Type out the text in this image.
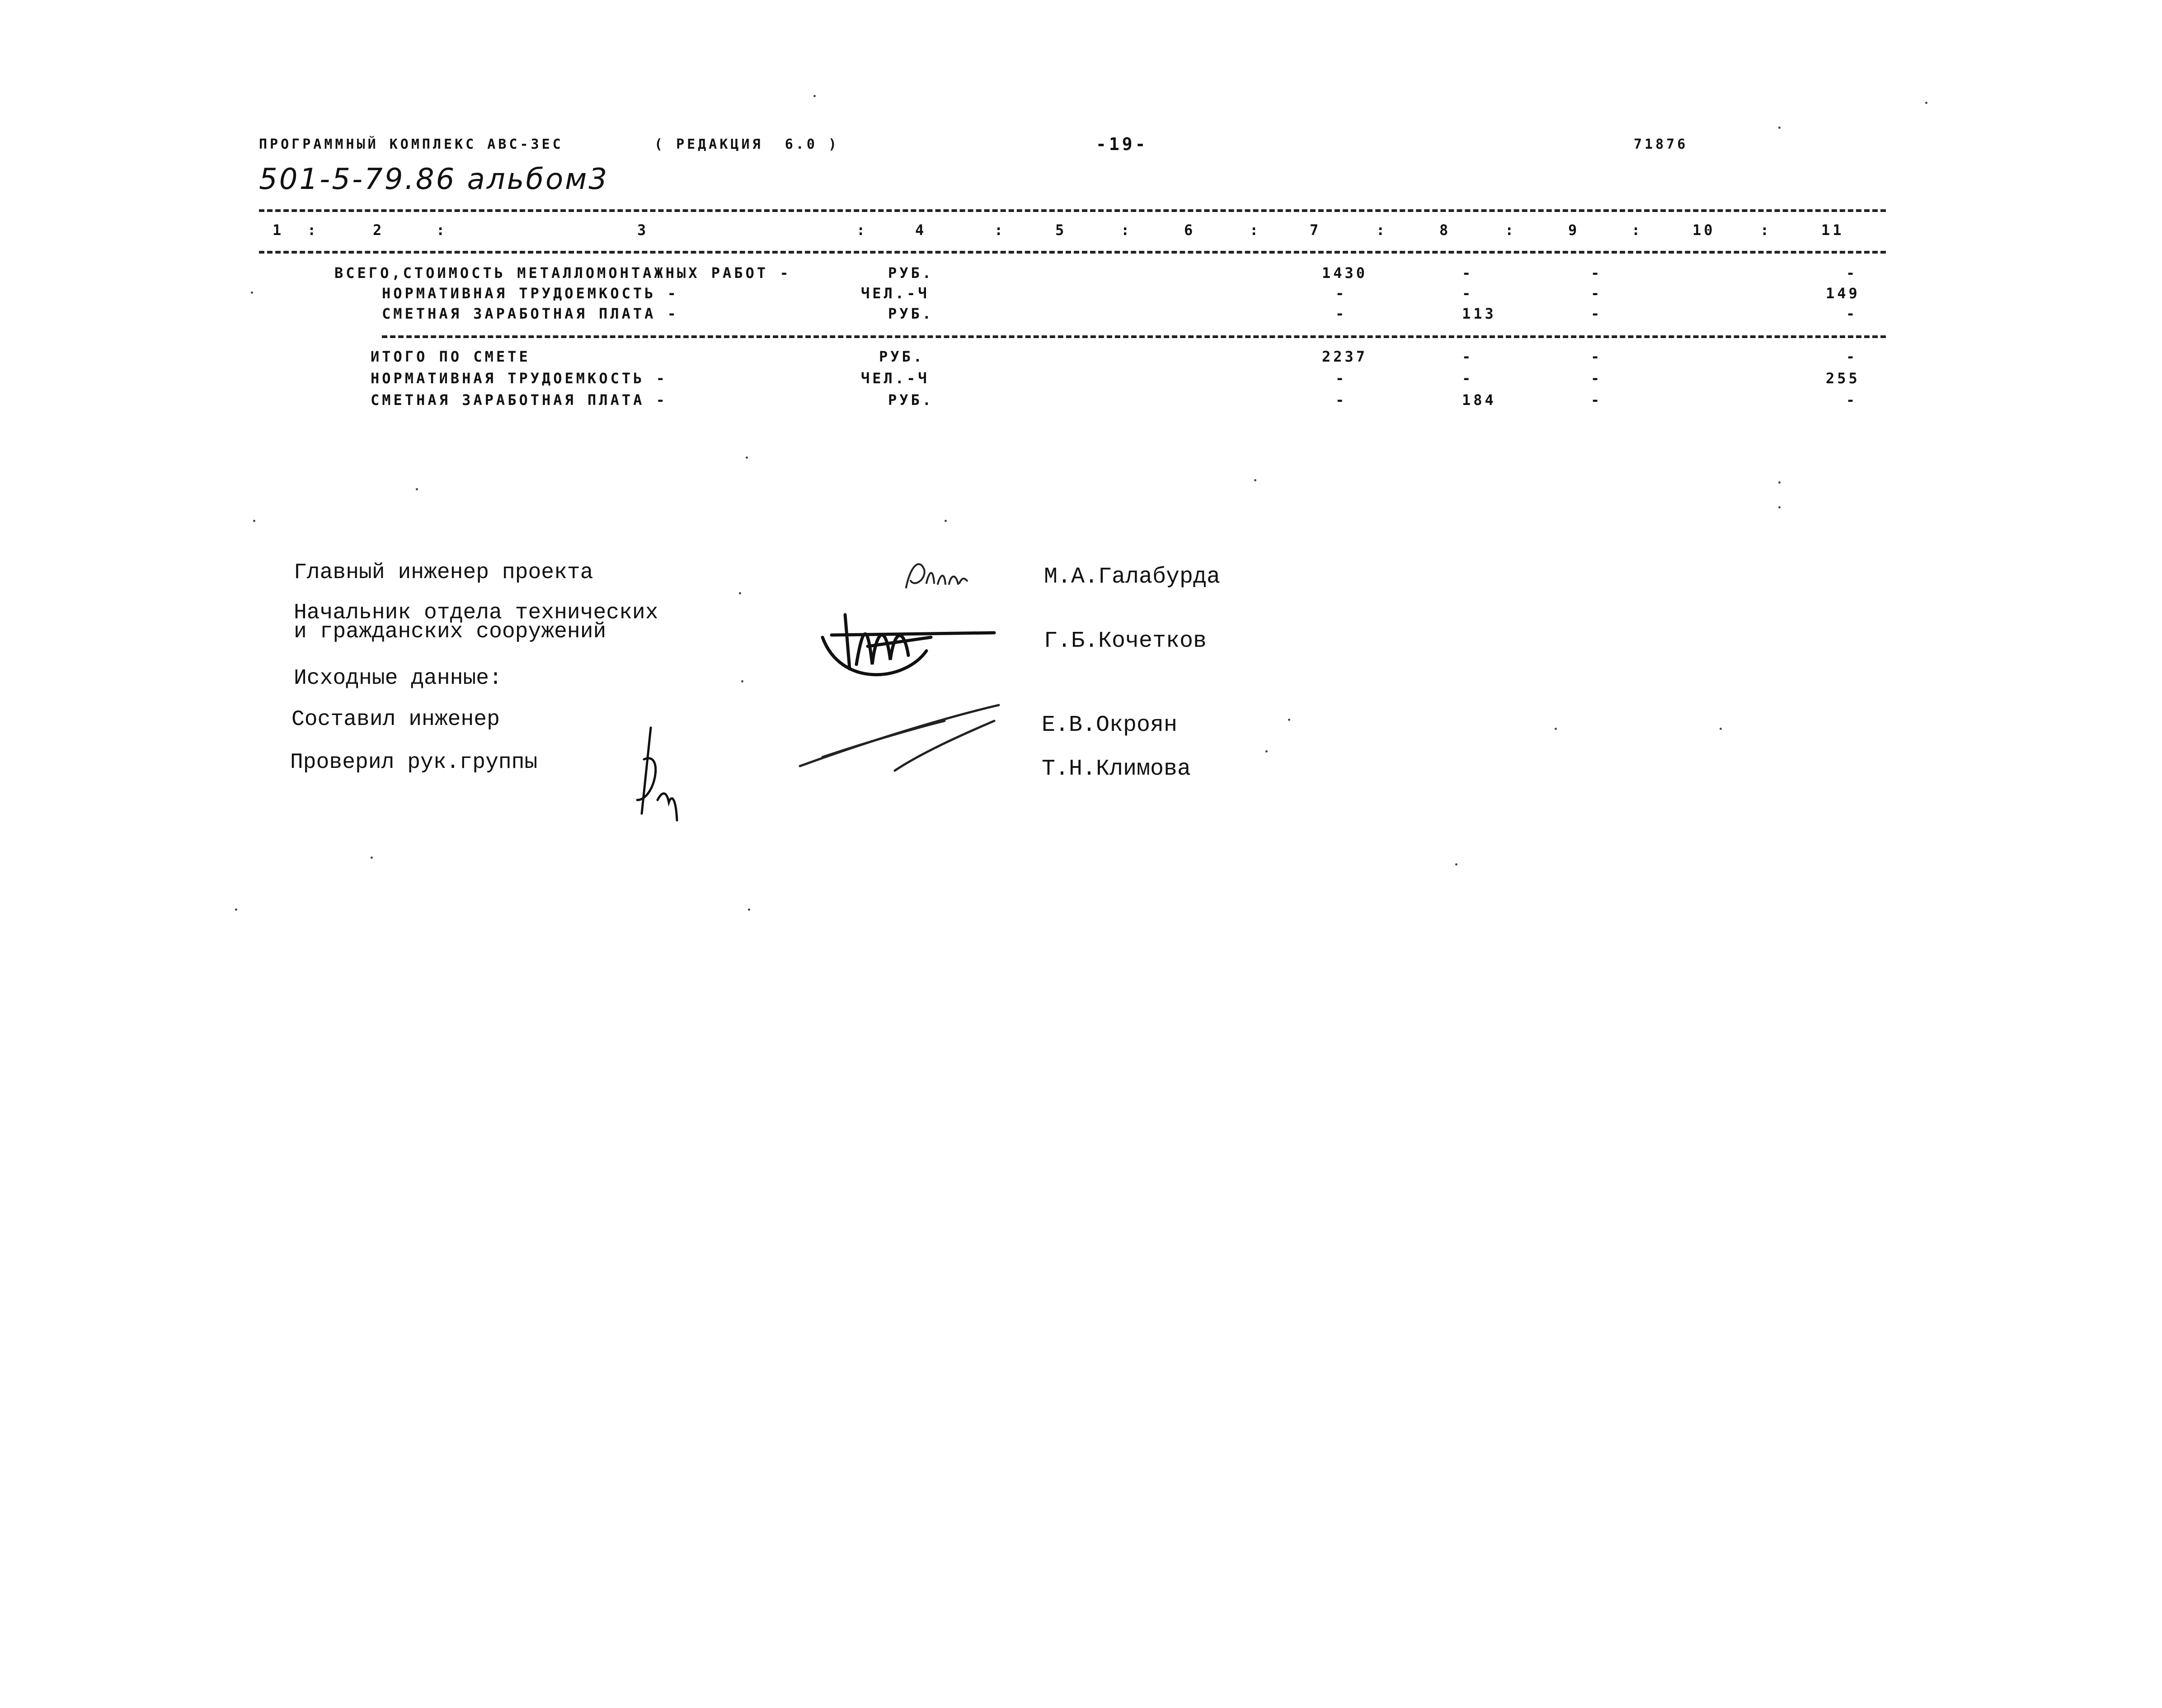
ПРОГРАММНЫЙ КОМПЛЕКС АВС-ЗЕС	( РЕДАКЦИЯ  6.0 )	-19-	71876
501-5-79.86 альбом3
1	2	3	4	5	6	7	8	9	10	11
:	:	:	:	:	:	:	:	:	:
ВСЕГО,СТОИМОСТЬ МЕТАЛЛОМОНТАЖНЫХ РАБОТ -	РУБ.	1430	-	-	-
НОРМАТИВНАЯ ТРУДОЕМКОСТЬ -	ЧЕЛ.-Ч	-	-	-	149
СМЕТНАЯ ЗАРАБОТНАЯ ПЛАТА -	РУБ.	-	113	-	-
ИТОГО ПО СМЕТЕ	РУБ.	2237	-	-	-
НОРМАТИВНАЯ ТРУДОЕМКОСТЬ -	ЧЕЛ.-Ч	-	-	-	255
СМЕТНАЯ ЗАРАБОТНАЯ ПЛАТА -	РУБ.	-	184	-	-
Главный инженер проекта	М.А.Галабурда
Начальник отдела технических
и гражданских сооружений	Г.Б.Кочетков
Исходные данные:
Составил инженер	Е.В.Окроян
Проверил рук.группы	Т.Н.Климова
